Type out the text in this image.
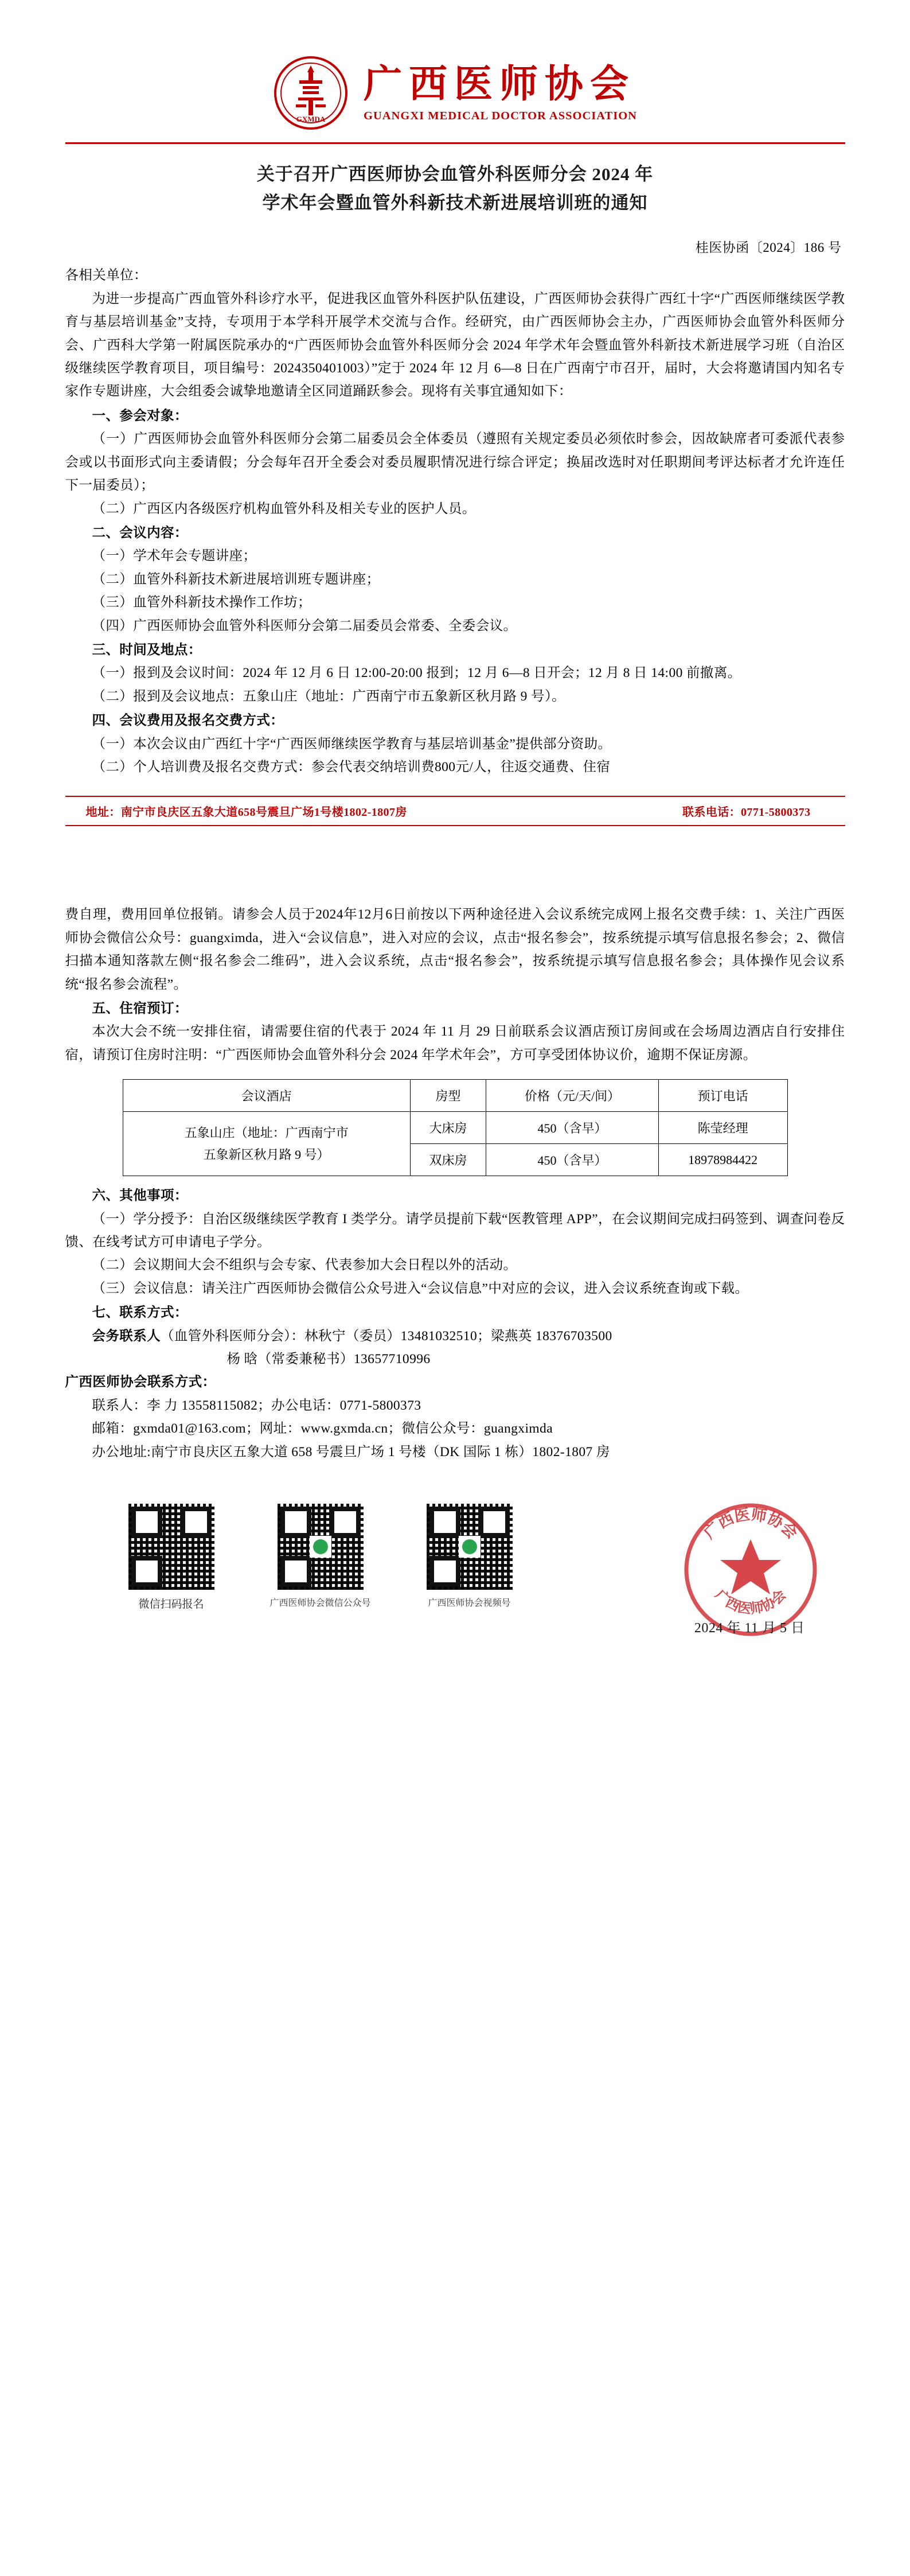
GXMDA
广西医师协会
GUANGXI MEDICAL DOCTOR ASSOCIATION
关于召开广西医师协会血管外科医师分会 2024 年
学术年会暨血管外科新技术新进展培训班的通知
桂医协函〔2024〕186 号

各相关单位：

为进一步提高广西血管外科诊疗水平，促进我区血管外科医护队伍建设，广西医师协会获得广西红十字“广西医师继续医学教育与基层培训基金”支持，专项用于本学科开展学术交流与合作。经研究，由广西医师协会主办，广西医师协会血管外科医师分会、广西科大学第一附属医院承办的“广西医师协会血管外科医师分会 2024 年学术年会暨血管外科新技术新进展学习班（自治区级继续医学教育项目，项目编号：2024350401003）”定于 2024 年 12 月 6—8 日在广西南宁市召开，届时，大会将邀请国内知名专家作专题讲座，大会组委会诚挚地邀请全区同道踊跃参会。现将有关事宜通知如下：

一、参会对象：

（一）广西医师协会血管外科医师分会第二届委员会全体委员（遵照有关规定委员必须依时参会，因故缺席者可委派代表参会或以书面形式向主委请假；分会每年召开全委会对委员履职情况进行综合评定；换届改选时对任职期间考评达标者才允许连任下一届委员）；

（二）广西区内各级医疗机构血管外科及相关专业的医护人员。

二、会议内容：

（一）学术年会专题讲座；

（二）血管外科新技术新进展培训班专题讲座；

（三）血管外科新技术操作工作坊；

（四）广西医师协会血管外科医师分会第二届委员会常委、全委会议。

三、时间及地点：

（一）报到及会议时间：2024 年 12 月 6 日 12:00-20:00 报到；12 月 6—8 日开会；12 月 8 日 14:00 前撤离。

（二）报到及会议地点：五象山庄（地址：广西南宁市五象新区秋月路 9 号）。

四、会议费用及报名交费方式：

（一）本次会议由广西红十字“广西医师继续医学教育与基层培训基金”提供部分资助。

（二）个人培训费及报名交费方式：参会代表交纳培训费800元/人，往返交通费、住宿

地址：南宁市良庆区五象大道658号震旦广场1号楼1802-1807房	联系电话：0771-5800373

费自理，费用回单位报销。请参会人员于2024年12月6日前按以下两种途径进入会议系统完成网上报名交费手续：1、关注广西医师协会微信公众号：guangximda，进入“会议信息”，进入对应的会议，点击“报名参会”，按系统提示填写信息报名参会；2、微信扫描本通知落款左侧“报名参会二维码”，进入会议系统，点击“报名参会”，按系统提示填写信息报名参会；具体操作见会议系统“报名参会流程”。

五、住宿预订：

本次大会不统一安排住宿，请需要住宿的代表于 2024 年 11 月 29 日前联系会议酒店预订房间或在会场周边酒店自行安排住宿，请预订住房时注明：“广西医师协会血管外科分会 2024 年学术年会”，方可享受团体协议价，逾期不保证房源。

会议酒店	房型	价格（元/天/间）	预订电话

五象山庄（地址：广西南宁市
五象新区秋月路 9 号）	大床房	450（含早）	陈莹经理
	双床房	450（含早）	18978984422

六、其他事项：

（一）学分授予：自治区级继续医学教育 I 类学分。请学员提前下载“医教管理 APP”，在会议期间完成扫码签到、调查问卷反馈、在线考试方可申请电子学分。

（二）会议期间大会不组织与会专家、代表参加大会日程以外的活动。

（三）会议信息：请关注广西医师协会微信公众号进入“会议信息”中对应的会议，进入会议系统查询或下载。

七、联系方式：

会务联系人（血管外科医师分会）：林秋宁（委员）13481032510；梁燕英 18376703500

杨 晗（常委兼秘书）13657710996

广西医师协会联系方式：

联系人：李 力 13558115082；办公电话：0771-5800373

邮箱：gxmda01@163.com；网址：www.gxmda.cn；微信公众号：guangximda

办公地址:南宁市良庆区五象大道 658 号震旦广场 1 号楼（DK 国际 1 栋）1802-1807 房

微信扫码报名	广西医师协会微信公众号	广西医师协会视频号
广西医师协会
广西医师协会
2024 年 11 月 5 日
